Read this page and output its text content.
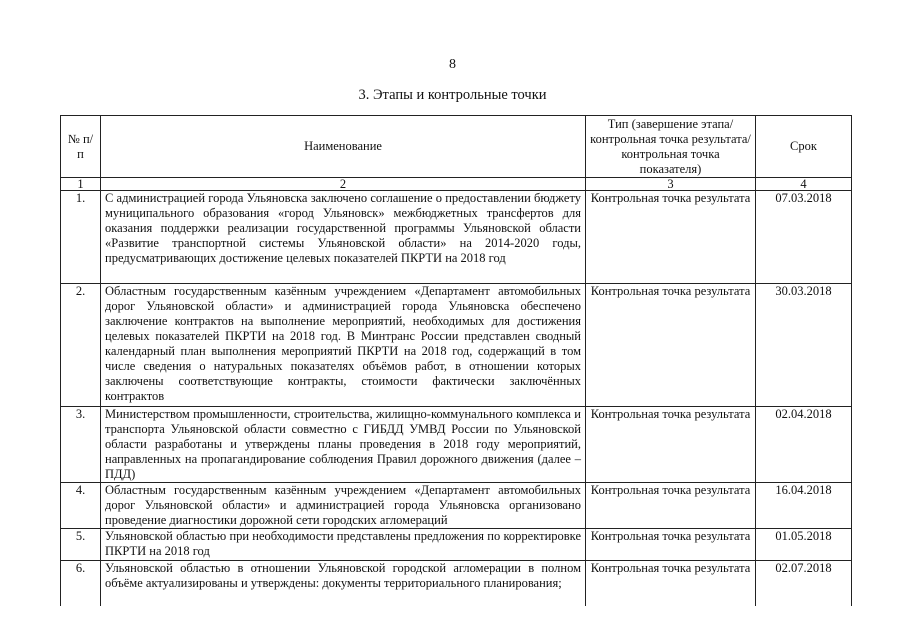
8
3. Этапы и контрольные точки
№ п/п	Наименование	Тип (завершение этапа/контрольная точка результата/контрольная точка показателя)	Срок
1	2	3	4
1.	С администрацией города Ульяновска заключено соглашение о предоставлении бюджету муниципального образования «город Ульяновск» межбюджетных трансфертов для оказания поддержки реализации государственной программы Ульяновской области «Развитие транспортной системы Ульяновской области» на 2014-2020 годы, предусматривающих достижение целевых показателей ПКРТИ на 2018 год	Контрольная точка результата	07.03.2018
2.	Областным государственным казённым учреждением «Департамент автомобильных дорог Ульяновской области» и администрацией города Ульяновска обеспечено заключение контрактов на выполнение мероприятий, необходимых для достижения целевых показателей ПКРТИ на 2018 год. В Минтранс России представлен сводный календарный план выполнения мероприятий ПКРТИ на 2018 год, содержащий в том числе сведения о натуральных показателях объёмов работ, в отношении которых заключены соответствующие контракты, стоимости фактически заключённых контрактов	Контрольная точка результата	30.03.2018
3.	Министерством промышленности, строительства, жилищно-коммунального комплекса и транспорта Ульяновской области совместно с ГИБДД УМВД России по Ульяновской области разработаны и утверждены планы проведения в 2018 году мероприятий, направленных на пропагандирование соблюдения Правил дорожного движения (далее – ПДД)	Контрольная точка результата	02.04.2018
4.	Областным государственным казённым учреждением «Департамент автомобильных дорог Ульяновской области» и администрацией города Ульяновска организовано проведение диагностики дорожной сети городских агломераций	Контрольная точка результата	16.04.2018
5.	Ульяновской областью при необходимости представлены предложения по корректировке ПКРТИ на 2018 год	Контрольная точка результата	01.05.2018
6.	Ульяновской областью в отношении Ульяновской городской агломерации в полном объёме актуализированы и утверждены: документы территориального планирования;	Контрольная точка результата	02.07.2018
